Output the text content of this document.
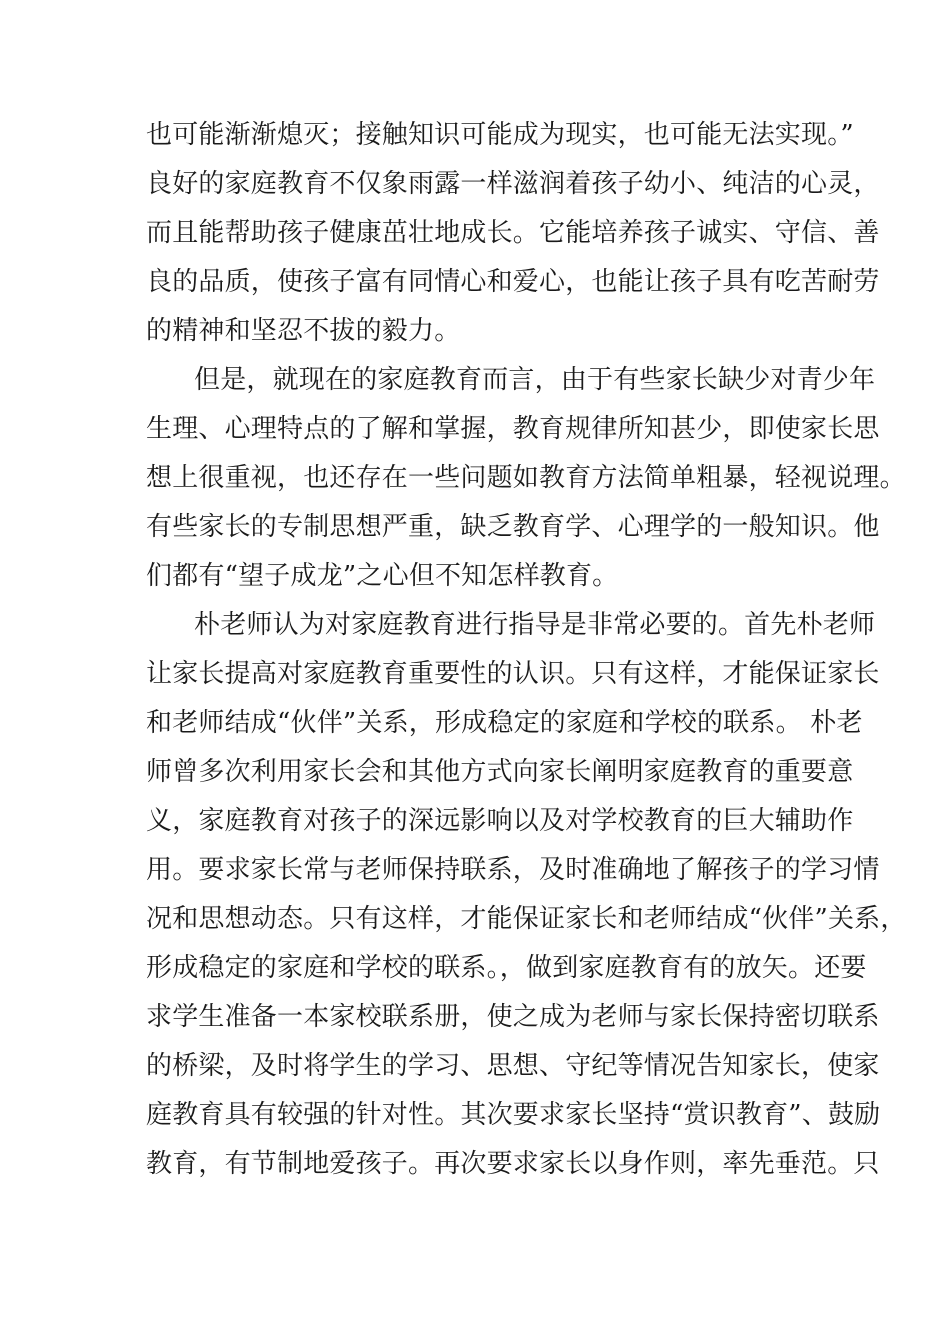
也可能渐渐熄灭；接触知识可能成为现实，也可能无法实现。”
良好的家庭教育不仅象雨露一样滋润着孩子幼小、纯洁的心灵，
而且能帮助孩子健康茁壮地成长。它能培养孩子诚实、守信、善
良的品质，使孩子富有同情心和爱心，也能让孩子具有吃苦耐劳
的精神和坚忍不拔的毅力。
但是，就现在的家庭教育而言，由于有些家长缺少对青少年
生理、心理特点的了解和掌握，教育规律所知甚少，即使家长思
想上很重视，也还存在一些问题如教育方法简单粗暴，轻视说理。
有些家长的专制思想严重，缺乏教育学、心理学的一般知识。他
们都有“望子成龙”之心但不知怎样教育。
朴老师认为对家庭教育进行指导是非常必要的。首先朴老师
让家长提高对家庭教育重要性的认识。只有这样，才能保证家长
和老师结成“伙伴”关系，形成稳定的家庭和学校的联系。 朴老
师曾多次利用家长会和其他方式向家长阐明家庭教育的重要意
义，家庭教育对孩子的深远影响以及对学校教育的巨大辅助作
用。要求家长常与老师保持联系，及时准确地了解孩子的学习情
况和思想动态。只有这样，才能保证家长和老师结成“伙伴”关系，
形成稳定的家庭和学校的联系。，做到家庭教育有的放矢。还要
求学生准备一本家校联系册，使之成为老师与家长保持密切联系
的桥梁，及时将学生的学习、思想、守纪等情况告知家长，使家
庭教育具有较强的针对性。其次要求家长坚持“赏识教育”、鼓励
教育，有节制地爱孩子。再次要求家长以身作则，率先垂范。只
